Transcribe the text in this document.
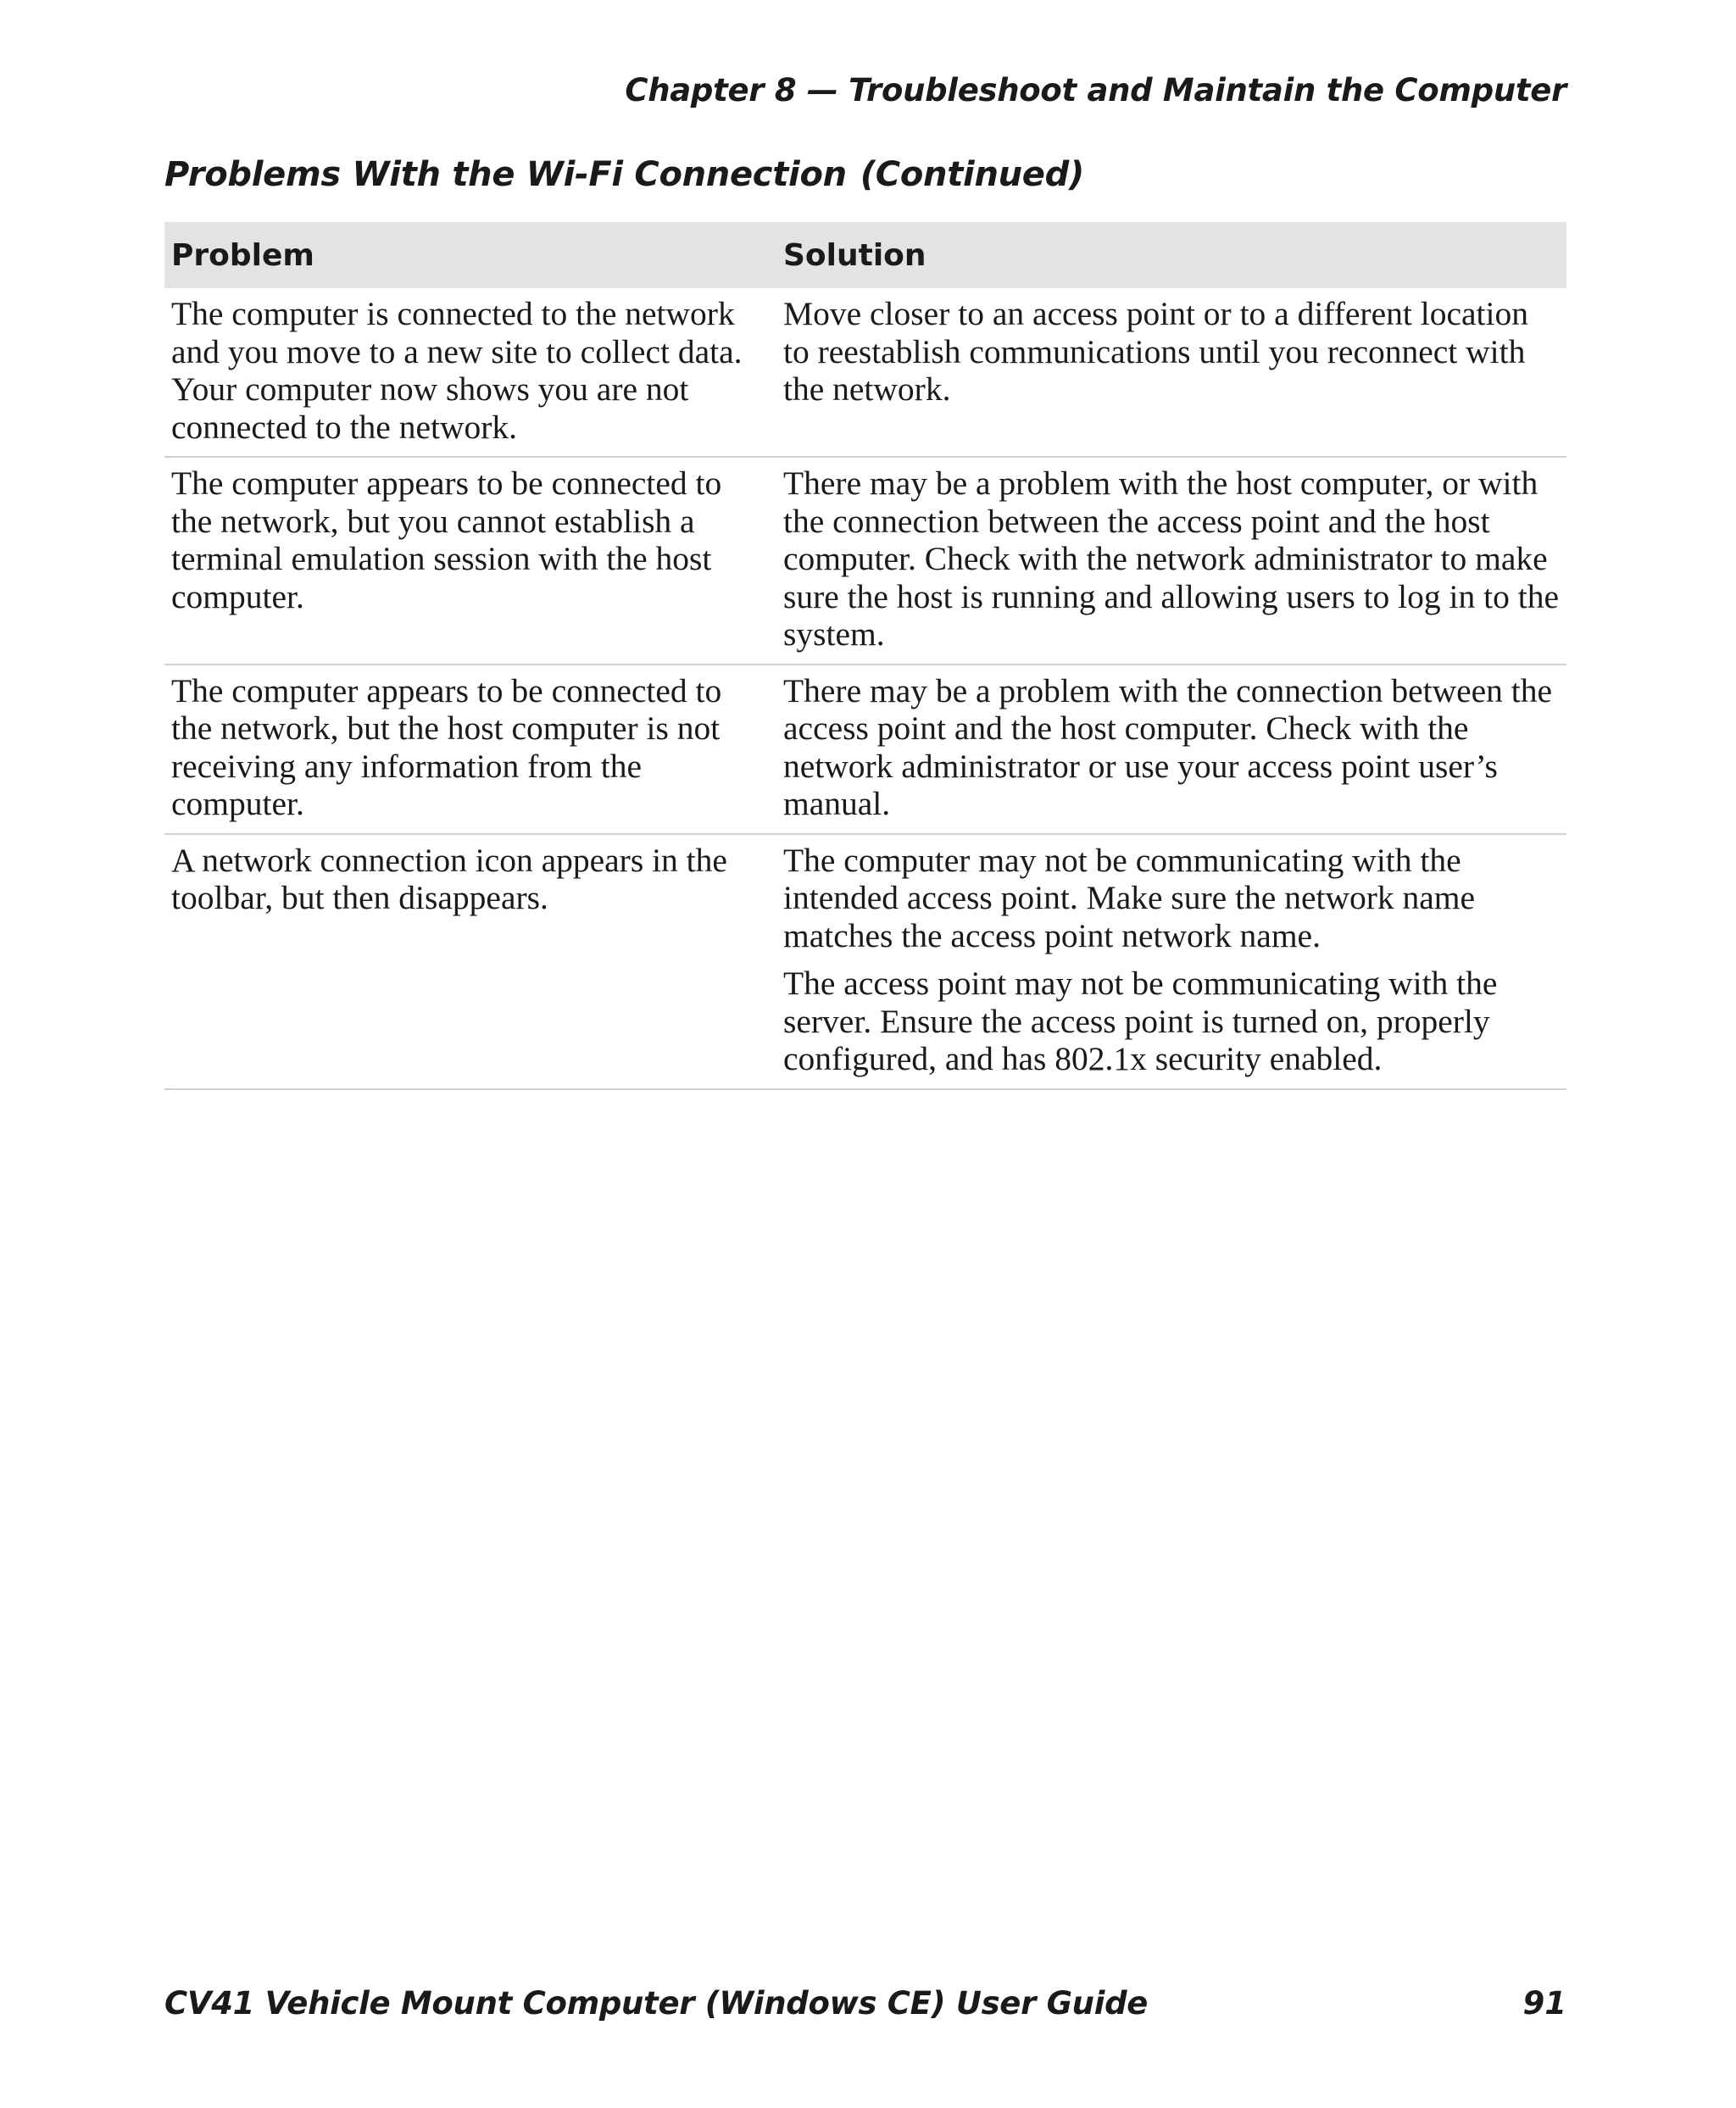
Chapter 8 — Troubleshoot and Maintain the Computer
Problems With the Wi-Fi Connection (Continued)
Problem	Solution

The computer is connected to the network and you move to a new site to collect data. Your computer now shows you are not connected to the network.	Move closer to an access point or to a different location to reestablish communications until you reconnect with the network.

The computer appears to be connected to the network, but you cannot establish a terminal emulation session with the host computer.	There may be a problem with the host computer, or with the connection between the access point and the host computer. Check with the network administrator to make sure the host is running and allowing users to log in to the system.

The computer appears to be connected to the network, but the host computer is not receiving any information from the computer.	There may be a problem with the connection between the access point and the host computer. Check with the network administrator or use your access point user’s manual.

A network connection icon appears in the toolbar, but then disappears.	The computer may not be communicating with the intended access point. Make sure the network name matches the access point network name.

The access point may not be communicating with the server. Ensure the access point is turned on, properly configured, and has 802.1x security enabled.

CV41 Vehicle Mount Computer (Windows CE) User Guide	91
